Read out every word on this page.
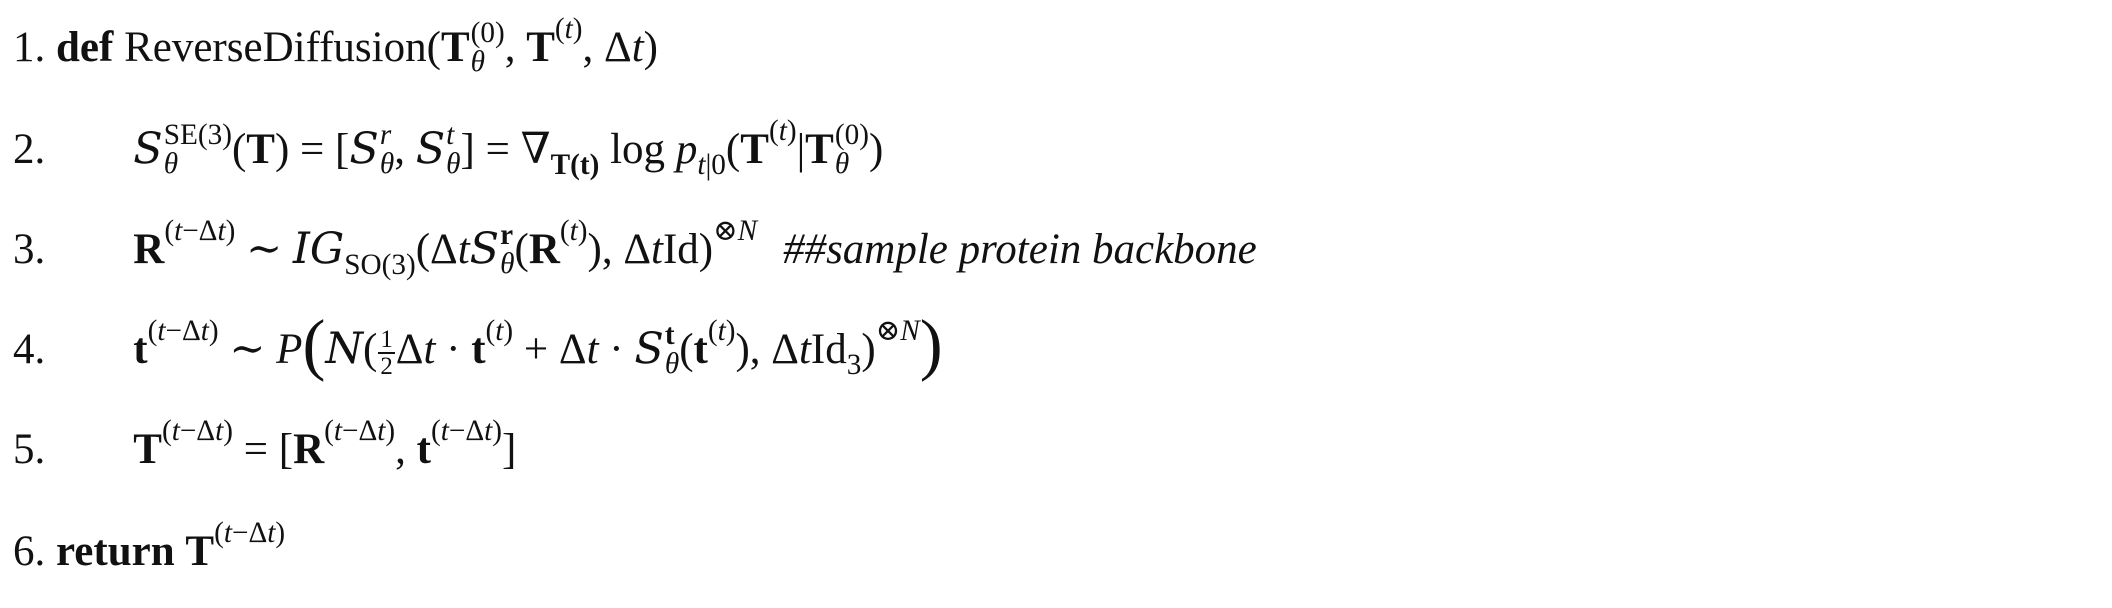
1. def ReverseDiffusion(T (0)
θ , $T^{(t)}$, Δt)
2. S SE(3)
θ	(T) = [S r
θ , S t
θ ] = $\nabla_{T(t)}$ $\log p_{t|0}(T^{(t)}|T$ (0)
θ )
3. $R^{(t-\Delta t)}$ ∼ $IG_{SO(3)}(\Delta tS$ r
θ $(R^{(t)})$, ΔtId)$^{\otimes N}$ ##sample protein backbone
4. $t^{(t-\Delta t)}$ ∼ $P(N( \frac{1}{2}$ $\Delta t \cdot t^{(t)} + \Delta t \cdot S$ t
θ $(t^{(t)})$, ΔtId$_3$)$^{\otimes N}$)
5. $T^{(t-\Delta t)} = [R^{(t-\Delta t)}$, $t^{(t-\Delta t)}$]
6. return $T^{(t-\Delta t)}$
